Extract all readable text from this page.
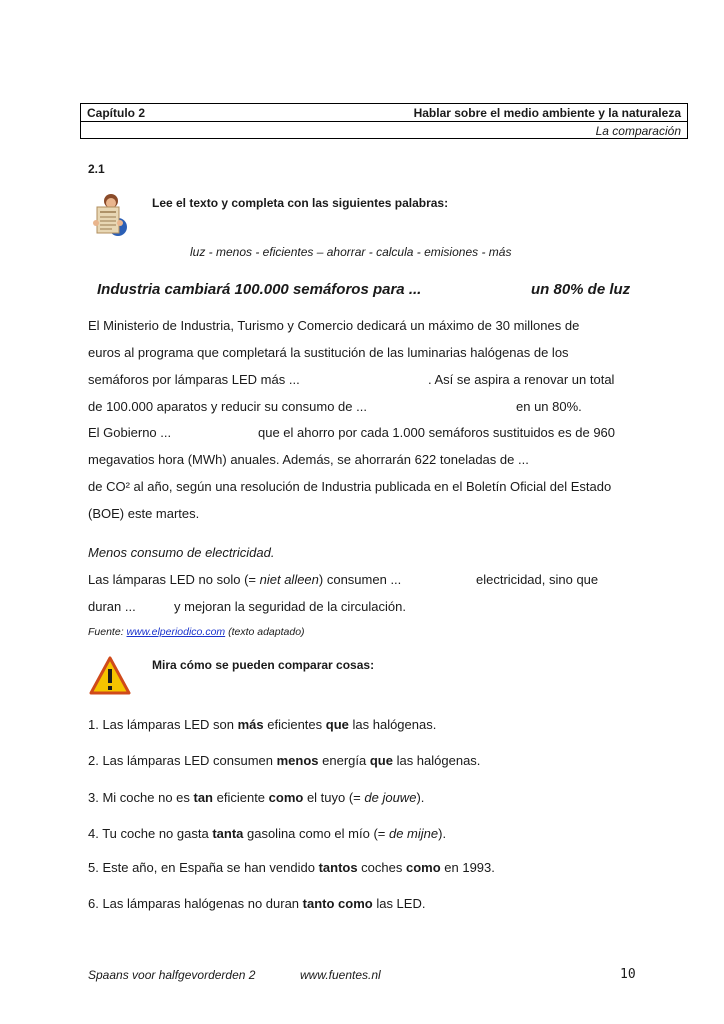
Capítulo 2	Hablar sobre el medio ambiente y la naturaleza
La comparación
2.1
Lee el texto y completa con las siguientes palabras:
luz - menos - eficientes – ahorrar - calcula - emisiones - más
Industria cambiará 100.000 semáforos para ...	un 80% de luz
El Ministerio de Industria, Turismo y Comercio dedicará un máximo de 30 millones de
euros al programa que completará la sustitución de las luminarias halógenas de los
semáforos por lámparas LED más ...	. Así se aspira a renovar un total
de 100.000 aparatos y reducir su consumo de ...	en un 80%.
El Gobierno ...	que el ahorro por cada 1.000 semáforos sustituidos es de 960
megavatios hora (MWh) anuales. Además, se ahorrarán 622 toneladas de ...
de CO² al año, según una resolución de Industria publicada en el Boletín Oficial del Estado
(BOE) este martes.
Menos consumo de electricidad.
Las lámparas LED no solo (= niet alleen) consumen ...	electricidad, sino que
duran ...	y mejoran la seguridad de la circulación.
Fuente: www.elperiodico.com (texto adaptado)
Mira cómo se pueden comparar cosas:
1. Las lámparas LED son más eficientes que las halógenas.
2. Las lámparas LED consumen menos energía que las halógenas.
3. Mi coche no es tan eficiente como el tuyo (= de jouwe).
4. Tu coche no gasta tanta gasolina como el mío (= de mijne).
5. Este año, en España se han vendido tantos coches como en 1993.
6. Las lámparas halógenas no duran tanto como las LED.
Spaans voor halfgevorderden 2	www.fuentes.nl	10
